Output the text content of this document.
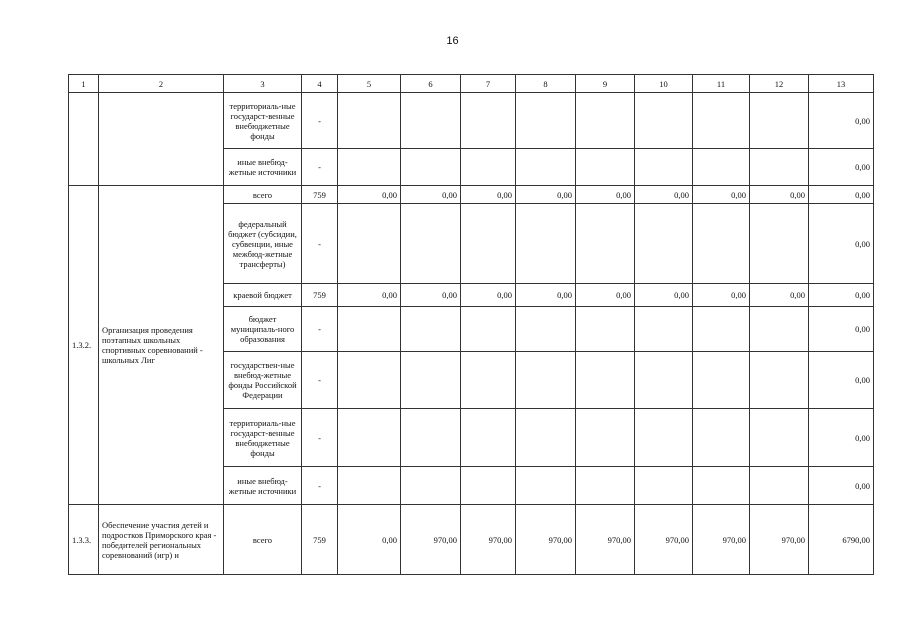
16
1	2	3	4	5	6	7	8	9	10	11	12	13
		территориаль-ные государст-венные внебюджетные фонды	-									0,00
		иные внебюд-жетные источники	-									0,00
1.3.2.	Организация проведения поэтапных школьных спортивных соревнований - школьных Лиг	всего	759	0,00	0,00	0,00	0,00	0,00	0,00	0,00	0,00	0,00
		федеральный бюджет (субсидии, субвенции, иные межбюд-жетные трансферты)	-									0,00
		краевой бюджет	759	0,00	0,00	0,00	0,00	0,00	0,00	0,00	0,00	0,00
		бюджет муниципаль-ного образования	-									0,00
		государствен-ные внебюд-жетные фонды Российской Федерации	-									0,00
		территориаль-ные государст-венные внебюджетные фонды	-									0,00
		иные внебюд-жетные источники	-									0,00
1.3.3.	Обеспечение участия детей и подростков Приморского края - победителей региональных соревнований (игр) и	всего	759	0,00	970,00	970,00	970,00	970,00	970,00	970,00	970,00	6790,00
